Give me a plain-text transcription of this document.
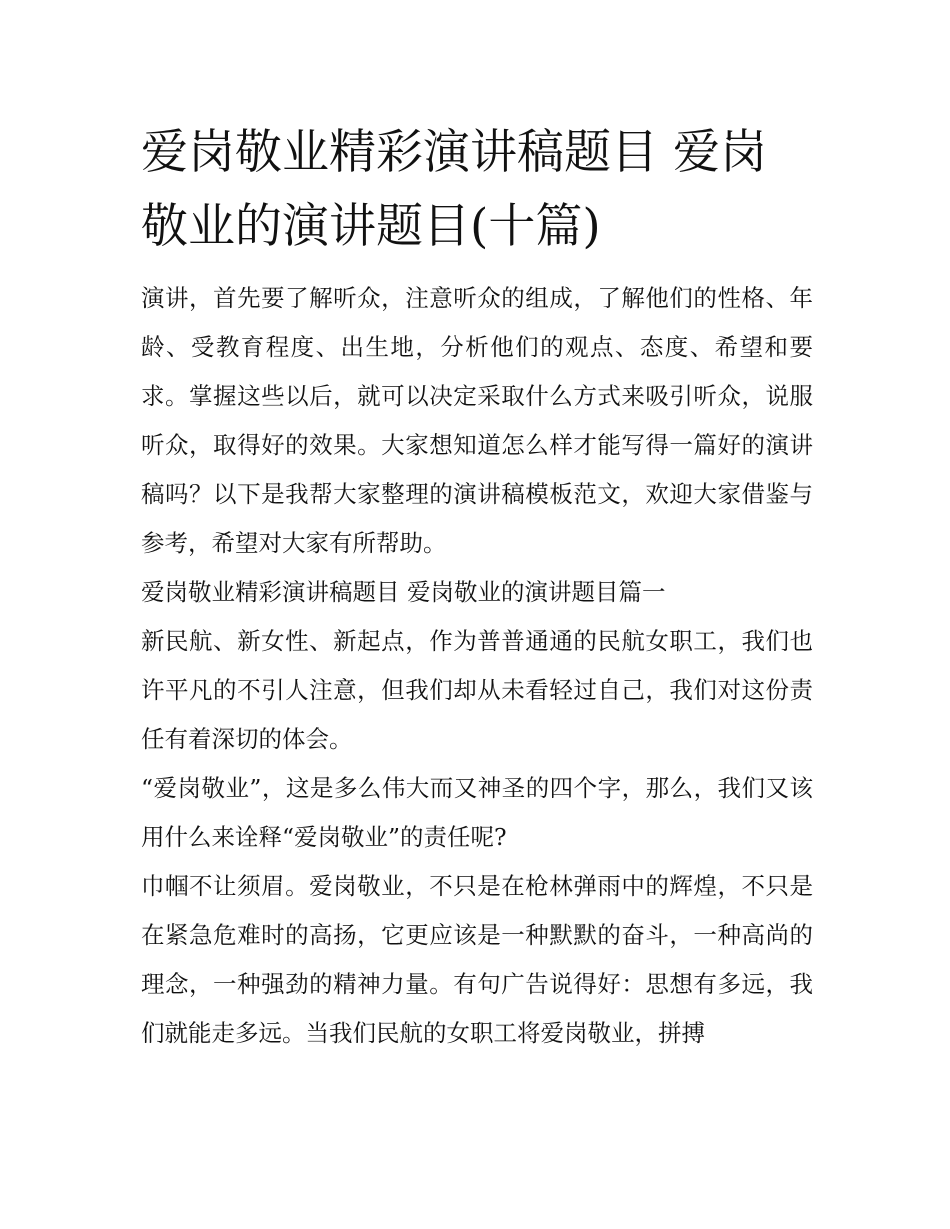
爱岗敬业精彩演讲稿题目 爱岗敬业的演讲题目(十篇)

演讲，首先要了解听众，注意听众的组成，了解他们的性格、年龄、受教育程度、出生地，分析他们的观点、态度、希望和要求。掌握这些以后，就可以决定采取什么方式来吸引听众，说服听众，取得好的效果。大家想知道怎么样才能写得一篇好的演讲稿吗？以下是我帮大家整理的演讲稿模板范文，欢迎大家借鉴与参考，希望对大家有所帮助。

爱岗敬业精彩演讲稿题目 爱岗敬业的演讲题目篇一

新民航、新女性、新起点，作为普普通通的民航女职工，我们也许平凡的不引人注意，但我们却从未看轻过自己，我们对这份责任有着深切的体会。

“爱岗敬业”，这是多么伟大而又神圣的四个字，那么，我们又该用什么来诠释“爱岗敬业”的责任呢?

巾帼不让须眉。爱岗敬业，不只是在枪林弹雨中的辉煌，不只是在紧急危难时的高扬，它更应该是一种默默的奋斗，一种高尚的理念，一种强劲的精神力量。有句广告说得好：思想有多远，我们就能走多远。当我们民航的女职工将爱岗敬业，拼搏
